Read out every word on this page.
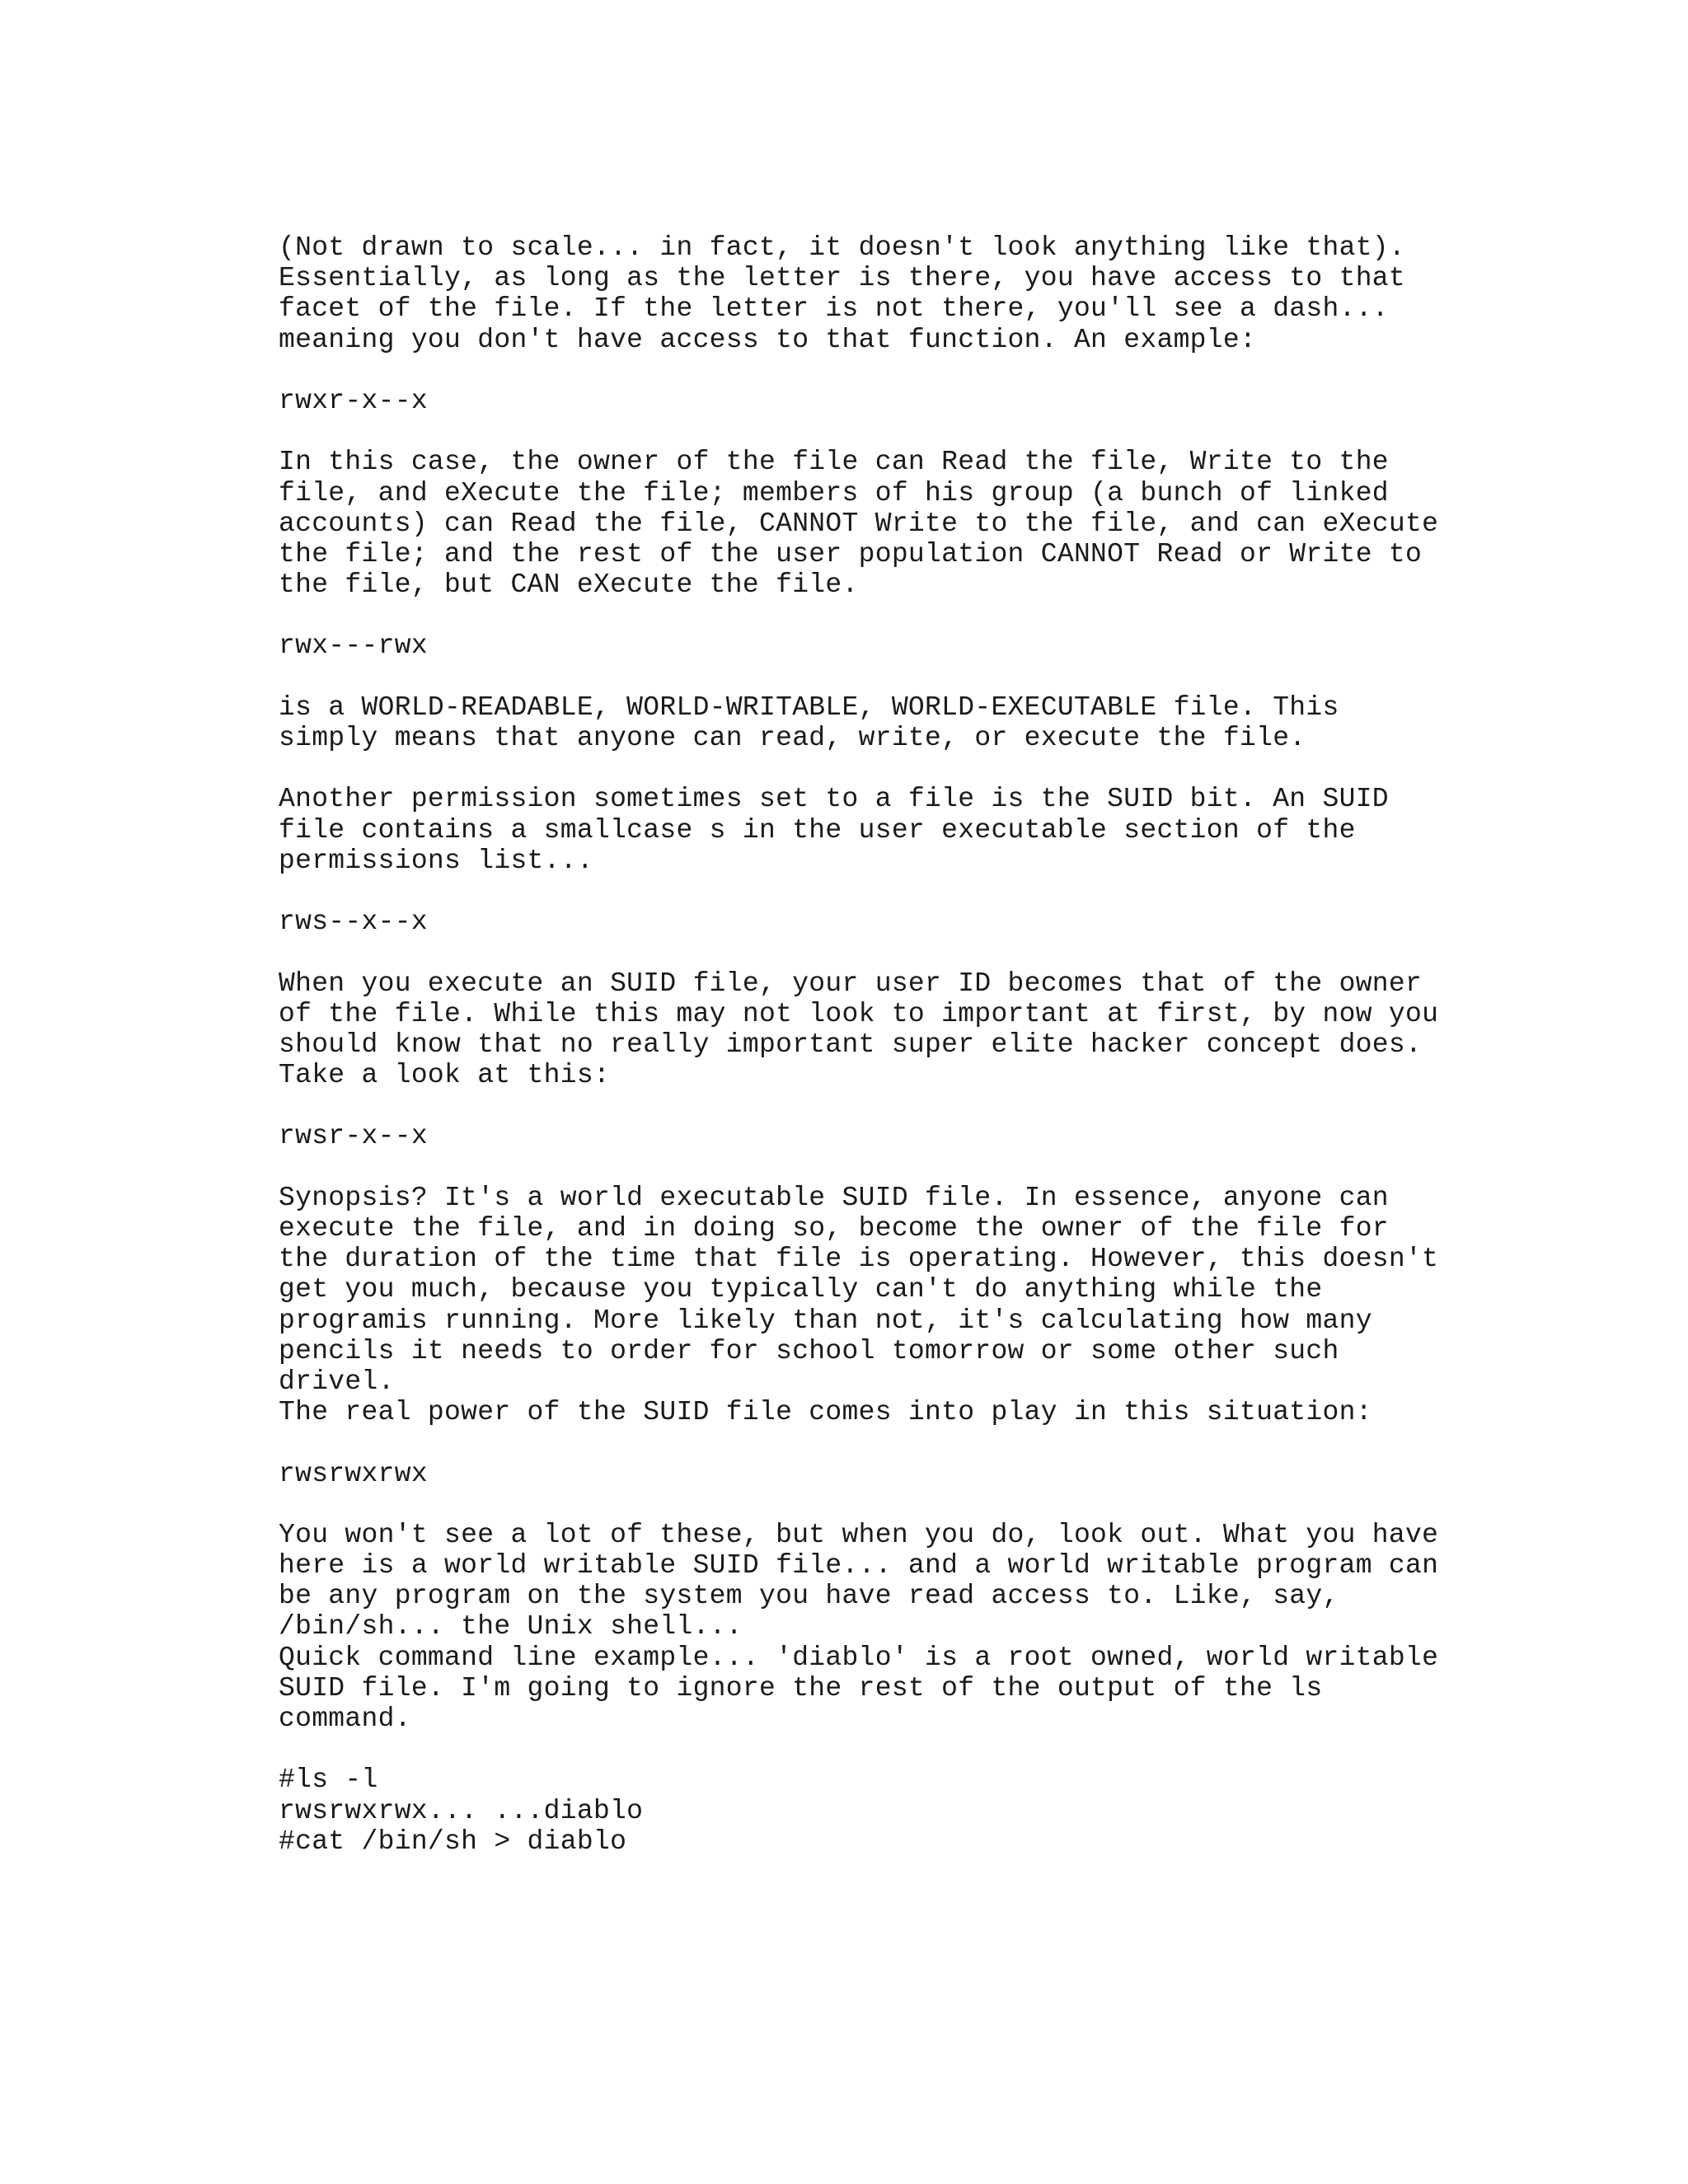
(Not drawn to scale... in fact, it doesn't look anything like that).
Essentially, as long as the letter is there, you have access to that
facet of the file. If the letter is not there, you'll see a dash...
meaning you don't have access to that function. An example:
rwxr-x--x
In this case, the owner of the file can Read the file, Write to the
file, and eXecute the file; members of his group (a bunch of linked
accounts) can Read the file, CANNOT Write to the file, and can eXecute
the file; and the rest of the user population CANNOT Read or Write to
the file, but CAN eXecute the file.
rwx---rwx
is a WORLD-READABLE, WORLD-WRITABLE, WORLD-EXECUTABLE file. This
simply means that anyone can read, write, or execute the file.
Another permission sometimes set to a file is the SUID bit. An SUID
file contains a smallcase s in the user executable section of the
permissions list...
rws--x--x
When you execute an SUID file, your user ID becomes that of the owner
of the file. While this may not look to important at first, by now you
should know that no really important super elite hacker concept does.
Take a look at this:
rwsr-x--x
Synopsis? It's a world executable SUID file. In essence, anyone can
execute the file, and in doing so, become the owner of the file for
the duration of the time that file is operating. However, this doesn't
get you much, because you typically can't do anything while the
programis running. More likely than not, it's calculating how many
pencils it needs to order for school tomorrow or some other such
drivel.
The real power of the SUID file comes into play in this situation:
rwsrwxrwx
You won't see a lot of these, but when you do, look out. What you have
here is a world writable SUID file... and a world writable program can
be any program on the system you have read access to. Like, say,
/bin/sh... the Unix shell...
Quick command line example... 'diablo' is a root owned, world writable
SUID file. I'm going to ignore the rest of the output of the ls
command.
#ls -l
rwsrwxrwx... ...diablo
#cat /bin/sh > diablo
